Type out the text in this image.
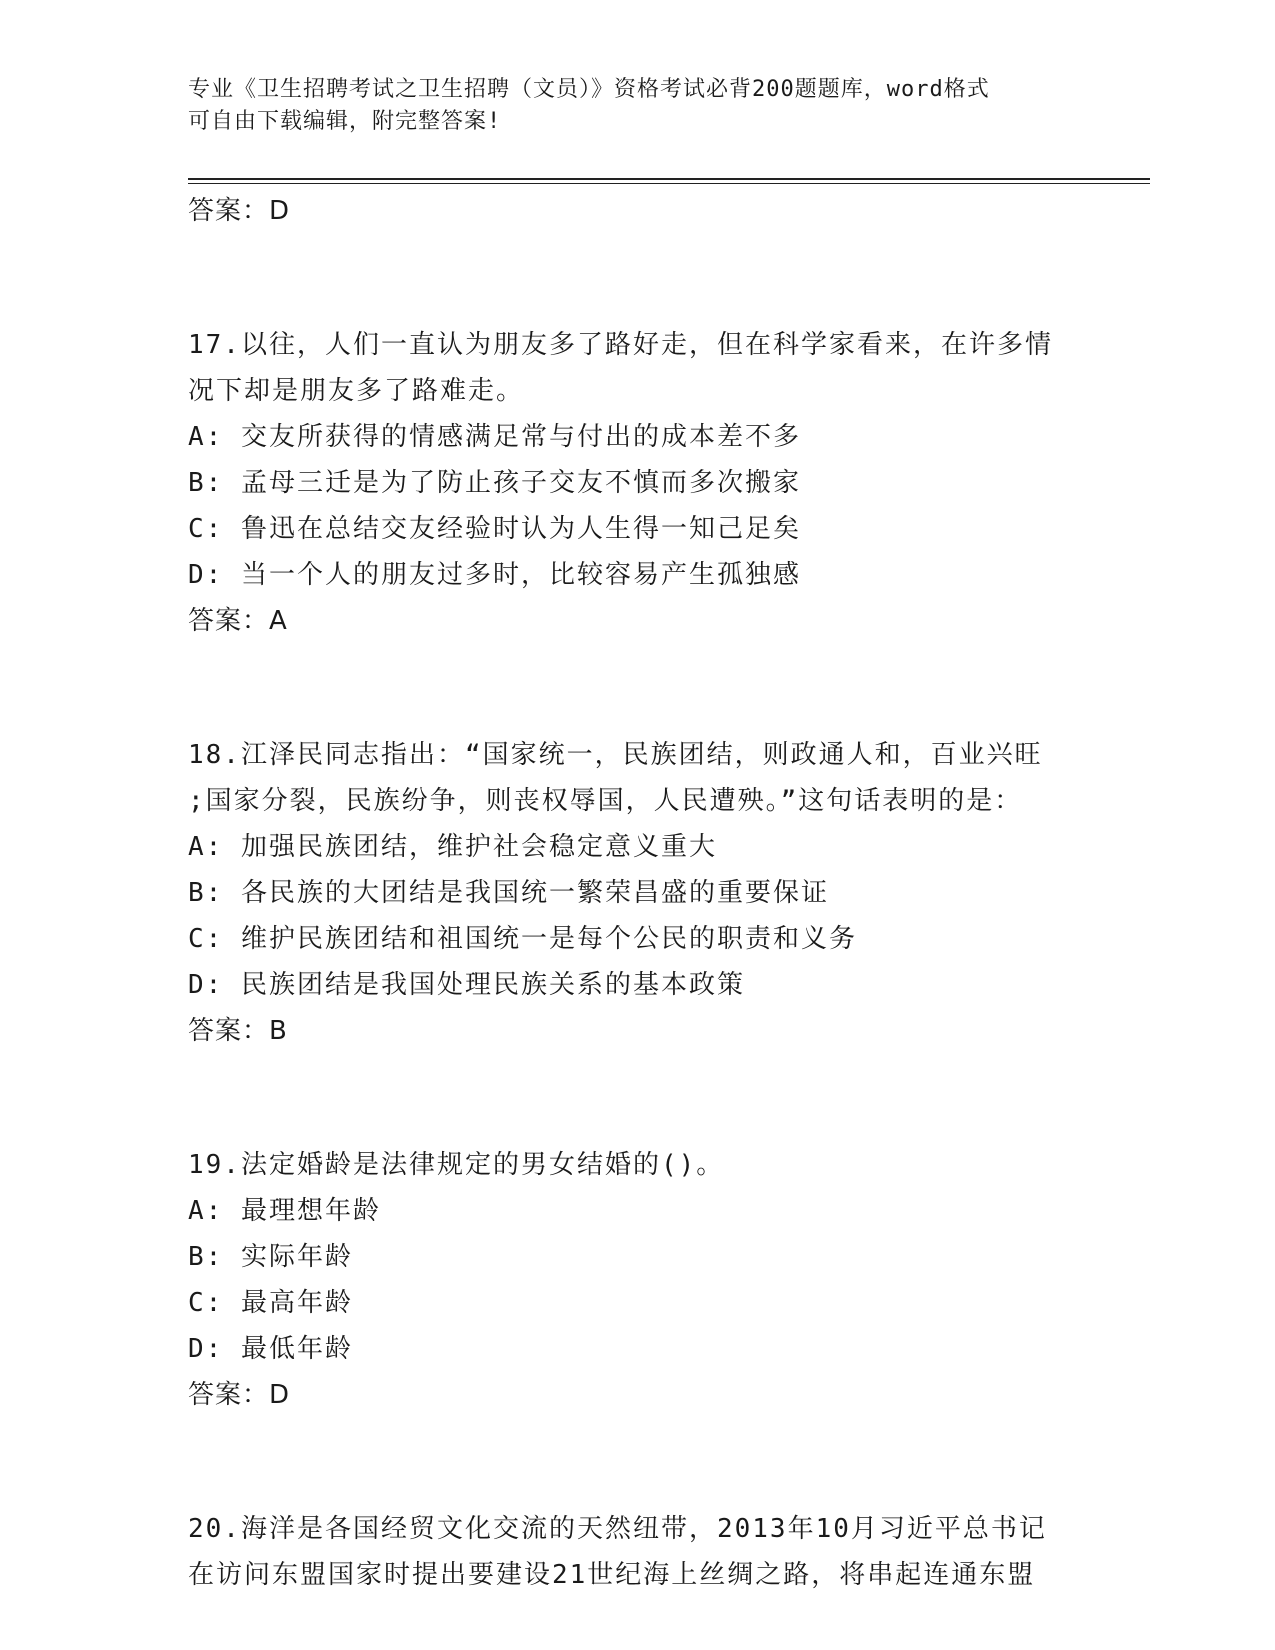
专业《卫生招聘考试之卫生招聘（文员）》资格考试必背200题题库，word格式
可自由下载编辑，附完整答案!
答案：D
17.以往，人们一直认为朋友多了路好走，但在科学家看来，在许多情
况下却是朋友多了路难走。
A: 交友所获得的情感满足常与付出的成本差不多
B: 孟母三迁是为了防止孩子交友不慎而多次搬家
C: 鲁迅在总结交友经验时认为人生得一知己足矣
D: 当一个人的朋友过多时，比较容易产生孤独感
答案：A
18.江泽民同志指出：“国家统一，民族团结，则政通人和，百业兴旺
;国家分裂，民族纷争，则丧权辱国，人民遭殃。”这句话表明的是：
A: 加强民族团结，维护社会稳定意义重大
B: 各民族的大团结是我国统一繁荣昌盛的重要保证
C: 维护民族团结和祖国统一是每个公民的职责和义务
D: 民族团结是我国处理民族关系的基本政策
答案：B
19.法定婚龄是法律规定的男女结婚的()。
A: 最理想年龄
B: 实际年龄
C: 最高年龄
D: 最低年龄
答案：D
20.海洋是各国经贸文化交流的天然纽带，2013年10月习近平总书记
在访问东盟国家时提出要建设21世纪海上丝绸之路，将串起连通东盟
